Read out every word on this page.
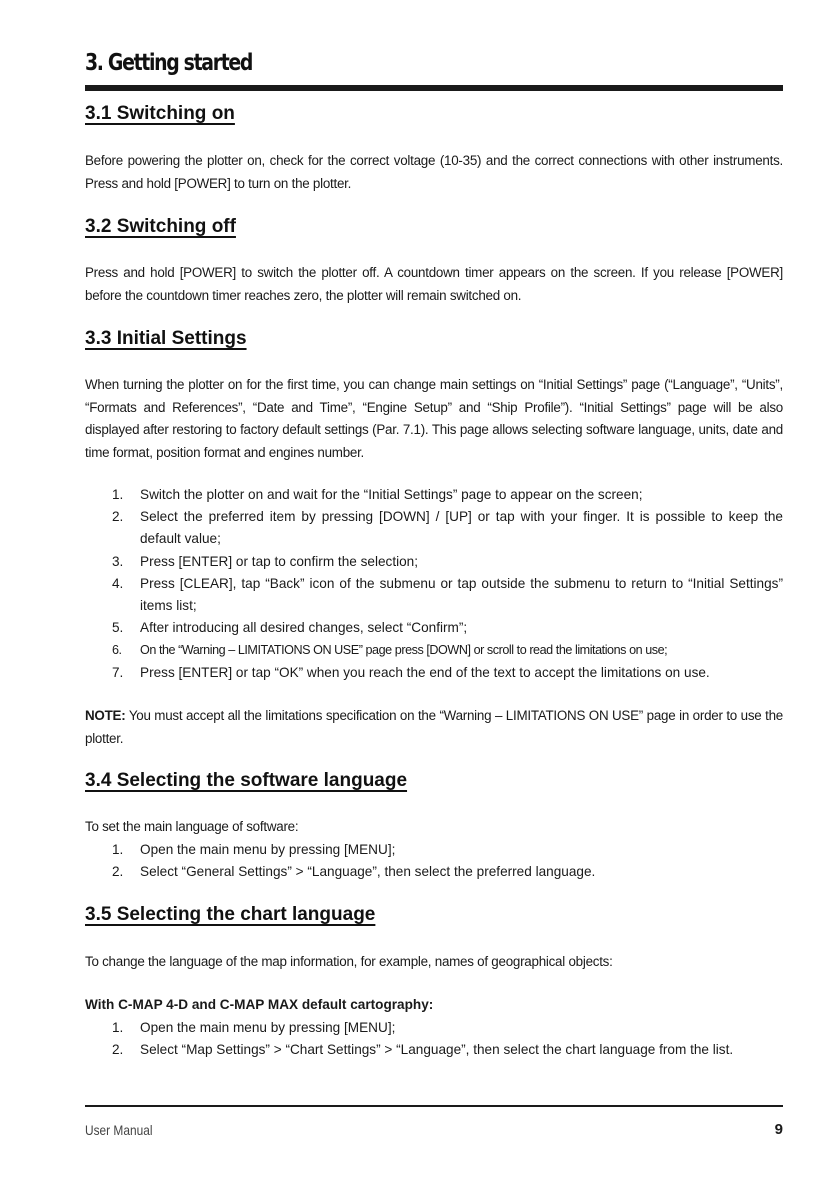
3. Getting started
3.1 Switching on

Before powering the plotter on, check for the correct voltage (10-35) and the correct connections with other instruments. Press and hold [POWER] to turn on the plotter.

3.2 Switching off

Press and hold [POWER] to switch the plotter off. A countdown timer appears on the screen. If you release [POWER] before the countdown timer reaches zero, the plotter will remain switched on.

3.3 Initial Settings

When turning the plotter on for the first time, you can change main settings on “Initial Settings” page (“Language”, “Units”, “Formats and References”, “Date and Time”, “Engine Setup” and “Ship Profile”). “Initial Settings” page will be also displayed after restoring to factory default settings (Par. 7.1). This page allows selecting software language, units, date and time format, position format and engines number.

1. Switch the plotter on and wait for the “Initial Settings” page to appear on the screen;
2. Select the preferred item by pressing [DOWN] / [UP] or tap with your finger. It is possible to keep the default value;
3. Press [ENTER] or tap to confirm the selection;
4. Press [CLEAR], tap “Back” icon of the submenu or tap outside the submenu to return to “Initial Settings” items list;
5. After introducing all desired changes, select “Confirm”;
6. On the “Warning – LIMITATIONS ON USE” page press [DOWN] or scroll to read the limitations on use;
7. Press [ENTER] or tap “OK” when you reach the end of the text to accept the limitations on use.

NOTE: You must accept all the limitations specification on the “Warning – LIMITATIONS ON USE” page in order to use the plotter.

3.4 Selecting the software language

To set the main language of software:

1. Open the main menu by pressing [MENU];
2. Select “General Settings” > “Language”, then select the preferred language.
3.5 Selecting the chart language

To change the language of the map information, for example, names of geographical objects:

With C-MAP 4-D and C-MAP MAX default cartography:

1. Open the main menu by pressing [MENU];
2. Select “Map Settings” > “Chart Settings” > “Language”, then select the chart language from the list.
User Manual	9
